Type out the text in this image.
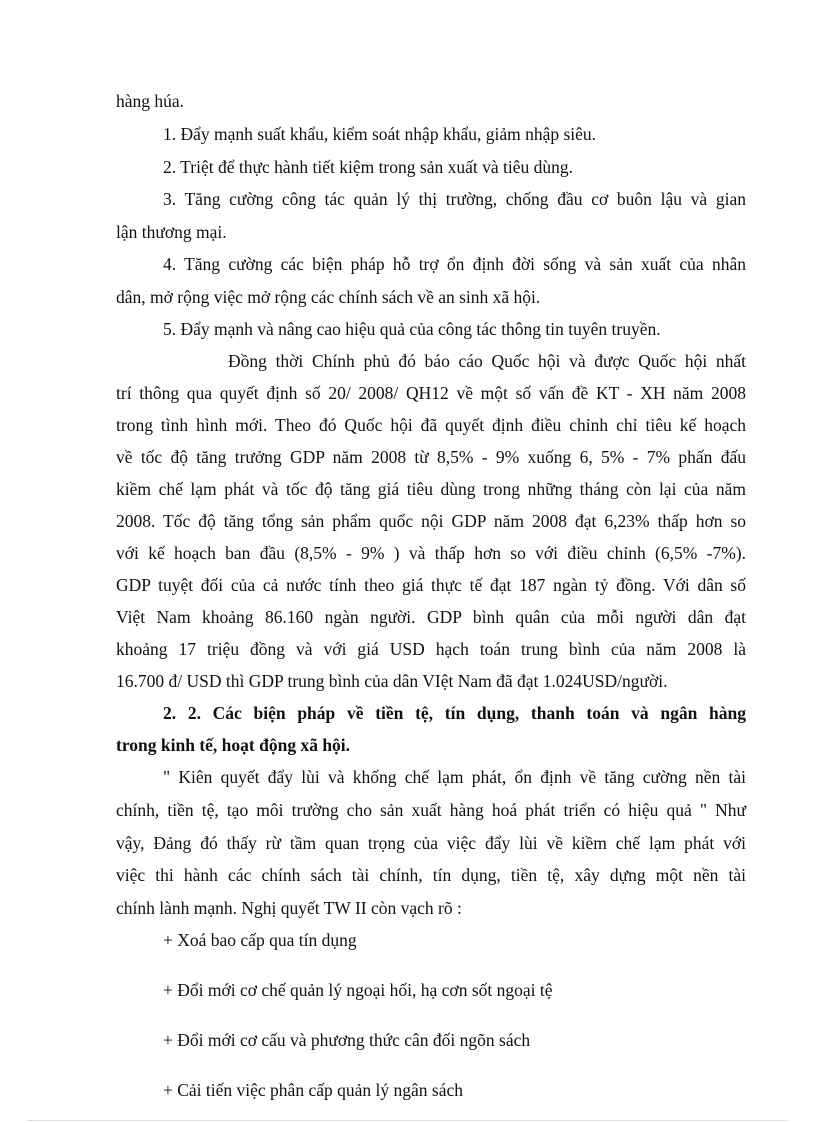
hàng húa.
1. Đẩy mạnh suất khẩu, kiểm soát nhập khẩu, giảm nhập siêu.
2. Triệt để thực hành tiết kiệm trong sản xuất và tiêu dùng.
3. Tăng cường công tác quản lý thị trường, chống đầu cơ buôn lậu và gian
lận thương mại.
4. Tăng cường các biện pháp hỗ trợ ổn định đời sống và sản xuất của nhân
dân, mở rộng việc mở rộng các chính sách về an sinh xã hội.
5. Đẩy mạnh và nâng cao hiệu quả của công tác thông tin tuyên truyền.
Đồng thời Chính phủ đó báo cáo Quốc hội và được Quốc hội nhất
trí thông qua quyết định số 20/ 2008/ QH12 về một số vấn đề KT - XH năm 2008
trong tình hình mới. Theo đó Quốc hội đã quyết định điều chỉnh chỉ tiêu kế hoạch
về tốc độ tăng trưởng GDP năm 2008 từ 8,5% - 9% xuống 6, 5% - 7% phấn đấu
kiềm chế lạm phát và tốc độ tăng giá tiêu dùng trong những tháng còn lại của năm
2008. Tốc độ tăng tổng sản phẩm quốc nội GDP năm 2008 đạt 6,23% thấp hơn so
với kế hoạch ban đầu (8,5% - 9% ) và thấp hơn so với điều chỉnh (6,5% -7%).
GDP tuyệt đối của cả nước tính theo giá thực tế đạt 187 ngàn tỷ đồng. Với dân số
Việt Nam khoảng 86.160 ngàn người. GDP bình quân của mỗi người dân đạt
khoảng 17 triệu đồng và với giá USD hạch toán trung bình của năm 2008 là
16.700 đ/ USD thì GDP trung bình của dân VIệt Nam đã đạt 1.024USD/người.
2. 2. Các biện pháp về tiền tệ, tín dụng, thanh toán và ngân hàng
trong kinh tế, hoạt động xã hội.
" Kiên quyết đẩy lùi và khống chế lạm phát, ổn định về tăng cường nền tài
chính, tiền tệ, tạo môi trường cho sản xuất hàng hoá phát triển có hiệu quả " Như
vậy, Đảng đó thấy rừ tầm quan trọng của việc đẩy lùi về kiềm chế lạm phát với
việc thi hành các chính sách tài chính, tín dụng, tiền tệ, xây dựng một nền tài
chính lành mạnh. Nghị quyết TW II còn vạch rõ :
+ Xoá bao cấp qua tín dụng
+ Đổi mới cơ chế quản lý ngoại hối, hạ cơn sốt ngoại tệ
+ Đổi mới cơ cấu và phương thức cân đối ngõn sách
+ Cải tiến việc phân cấp quản lý ngân sách
